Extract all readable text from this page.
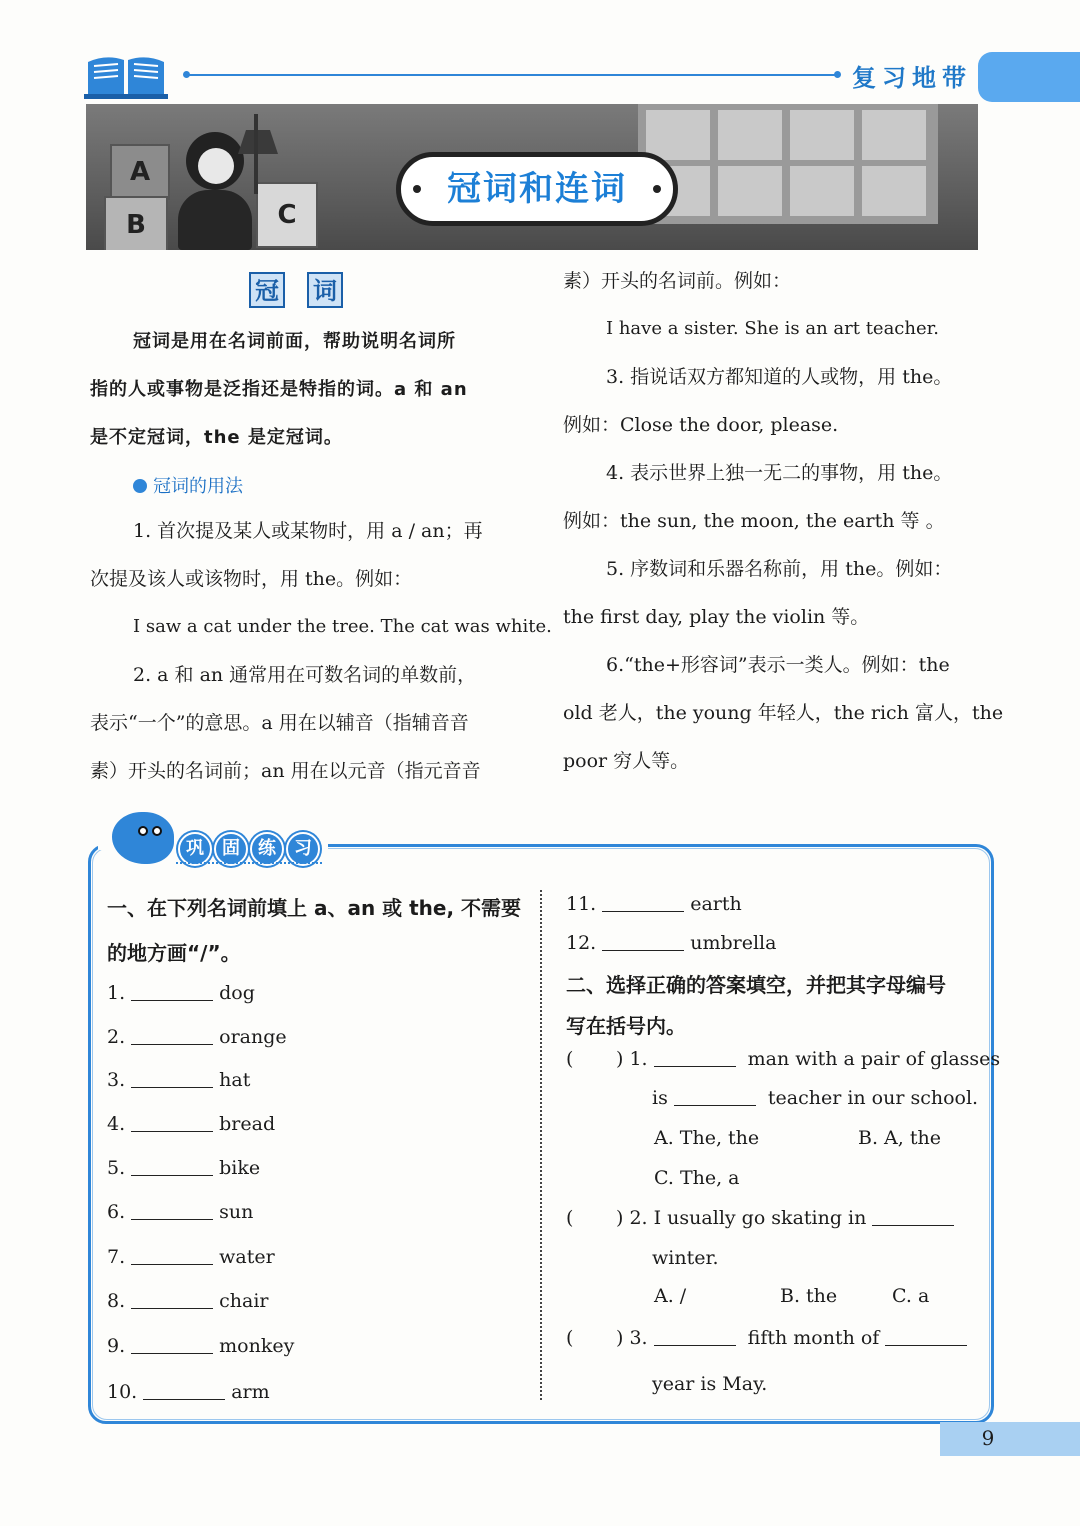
复习地带
A
B	C
冠词和连词
冠 词
冠词是用在名词前面，帮助说明名词所
指的人或事物是泛指还是特指的词。a 和 an
是不定冠词，the 是定冠词。
冠词的用法
1. 首次提及某人或某物时，用 a / an；再
次提及该人或该物时，用 the。例如：
I saw a cat under the tree. The cat was white.
2. a 和 an 通常用在可数名词的单数前，
表示“一个”的意思。a 用在以辅音（指辅音音
素）开头的名词前；an 用在以元音（指元音音
素）开头的名词前。例如：
I have a sister. She is an art teacher.
3. 指说话双方都知道的人或物，用 the。
例如：Close the door, please.
4. 表示世界上独一无二的事物，用 the。
例如：the sun, the moon, the earth 等 。
5. 序数词和乐器名称前，用 the。例如：
the first day, play the violin 等。
6.“the+形容词”表示一类人。例如：the
old 老人，the young 年轻人，the rich 富人，the
poor 穷人等。
巩 固 练 习
一、在下列名词前填上 a、an 或 the, 不需要
的地方画“/”。
1.	dog
2.	orange
3.	hat
4.	bread
5.	bike
6.	sun
7.	water
8.	chair
9.	monkey
10.	arm
11.	earth
12.	umbrella
二、选择正确的答案填空，并把其字母编号
写在括号内。
( ) 1.	man with a pair of glasses
is	teacher in our school.
A. The, the	B. A, the
C. The, a
( ) 2. I usually go skating in
winter.
A. /	B. the	C. a
( ) 3.	fifth month of
year is May.
9
